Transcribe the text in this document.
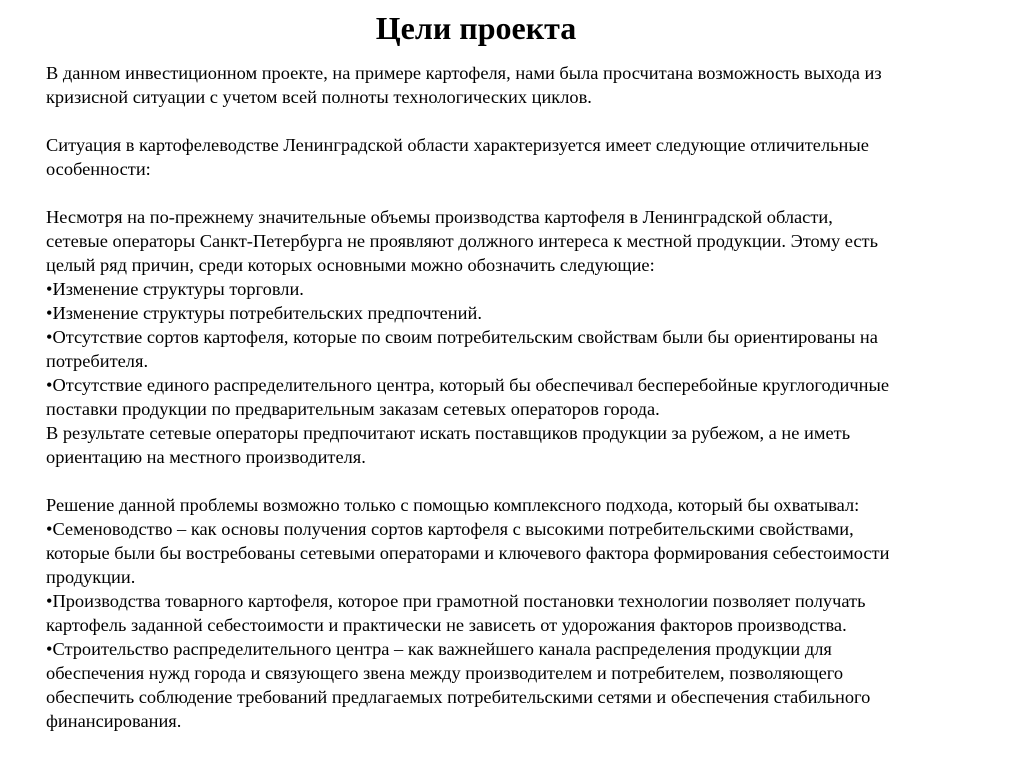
Цели проекта
В данном инвестиционном проекте, на примере картофеля, нами была просчитана возможность выхода из
кризисной ситуации с учетом всей полноты технологических циклов.
Ситуация в картофелеводстве Ленинградской области характеризуется имеет следующие отличительные
особенности:
Несмотря на по-прежнему значительные объемы производства картофеля в Ленинградской области,
сетевые операторы Санкт-Петербурга не проявляют должного интереса к местной продукции. Этому есть
целый ряд причин, среди которых основными можно обозначить следующие:
•Изменение структуры торговли.
•Изменение структуры потребительских предпочтений.
•Отсутствие сортов картофеля, которые по своим потребительским свойствам были бы ориентированы на
потребителя.
•Отсутствие единого распределительного центра, который бы обеспечивал бесперебойные круглогодичные
поставки продукции по предварительным заказам сетевых операторов города.
В результате сетевые операторы предпочитают искать поставщиков продукции за рубежом, а не иметь
ориентацию на местного производителя.
Решение данной проблемы возможно только с помощью комплексного подхода, который бы охватывал:
•Семеноводство – как основы получения сортов картофеля с высокими потребительскими свойствами,
которые были бы востребованы сетевыми операторами и ключевого фактора формирования себестоимости
продукции.
•Производства товарного картофеля, которое при грамотной постановки технологии позволяет получать
картофель заданной себестоимости и практически не зависеть от удорожания факторов производства.
•Строительство распределительного центра – как важнейшего канала распределения продукции для
обеспечения нужд города и связующего звена между производителем и потребителем, позволяющего
обеспечить соблюдение требований предлагаемых потребительскими сетями и обеспечения стабильного
финансирования.
